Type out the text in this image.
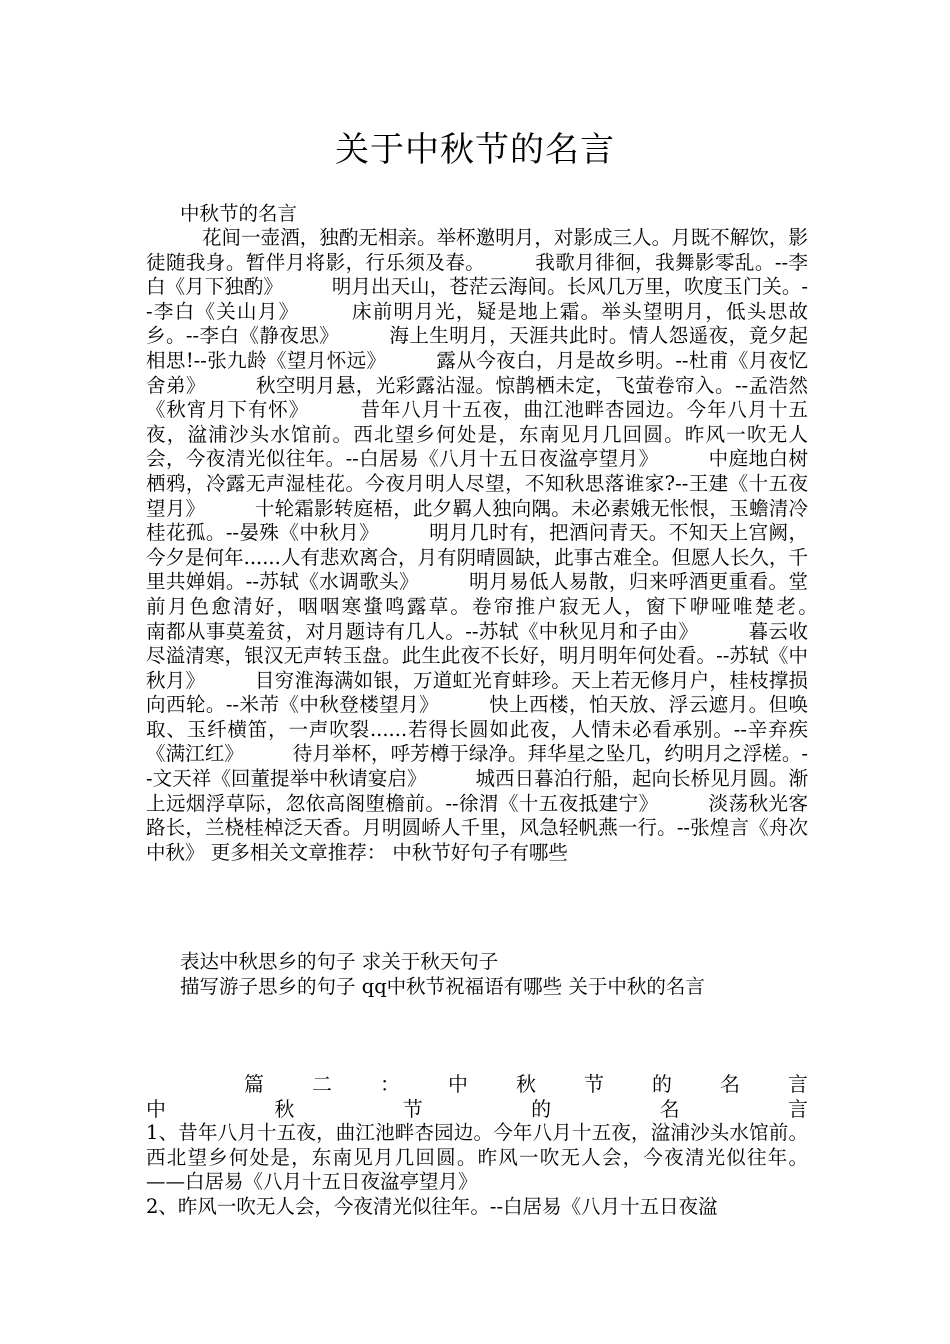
关于中秋节的名言

中秋节的名言

花间一壶酒，独酌无相亲。举杯邀明月，对影成三人。月既不解饮，影徒随我身。暂伴月将影，行乐须及春。　　　我歌月徘徊，我舞影零乱。--李白《月下独酌》　　　明月出天山，苍茫云海间。长风几万里，吹度玉门关。--李白《关山月》　　　床前明月光，疑是地上霜。举头望明月，低头思故乡。--李白《静夜思》　　　海上生明月，天涯共此时。情人怨遥夜，竟夕起相思!--张九龄《望月怀远》　　　露从今夜白，月是故乡明。--杜甫《月夜忆舍弟》　　　秋空明月悬，光彩露沾湿。惊鹊栖未定，飞萤卷帘入。--孟浩然《秋宵月下有怀》　　　昔年八月十五夜，曲江池畔杏园边。今年八月十五夜，湓浦沙头水馆前。西北望乡何处是，东南见月几回圆。昨风一吹无人会，今夜清光似往年。--白居易《八月十五日夜湓亭望月》　　　中庭地白树栖鸦，冷露无声湿桂花。今夜月明人尽望，不知秋思落谁家?--王建《十五夜望月》　　　十轮霜影转庭梧，此夕羁人独向隅。未必素娥无怅恨，玉蟾清冷桂花孤。--晏殊《中秋月》　　　明月几时有，把酒问青天。不知天上宫阙，今夕是何年......人有悲欢离合，月有阴晴圆缺，此事古难全。但愿人长久，千里共婵娟。--苏轼《水调歌头》　　　明月易低人易散，归来呼酒更重看。堂前月色愈清好，咽咽寒螀鸣露草。卷帘推户寂无人，窗下咿哑唯楚老。　　　南都从事莫羞贫，对月题诗有几人。--苏轼《中秋见月和子由》　　　暮云收尽溢清寒，银汉无声转玉盘。此生此夜不长好，明月明年何处看。--苏轼《中秋月》　　　目穷淮海满如银，万道虹光育蚌珍。天上若无修月户，桂枝撑损向西轮。--米芾《中秋登楼望月》　　　快上西楼，怕天放、浮云遮月。但唤取、玉纤横笛，一声吹裂......若得长圆如此夜，人情未必看承别。--辛弃疾《满江红》　　　待月举杯，呼芳樽于绿净。拜华星之坠几，约明月之浮槎。--文天祥《回董提举中秋请宴启》　　　城西日暮泊行船，起向长桥见月圆。渐上远烟浮草际，忽依高阁堕檐前。--徐渭《十五夜抵建宁》　　　淡荡秋光客路长，兰桡桂棹泛天香。月明圆峤人千里，风急轻帆燕一行。--张煌言《舟次中秋》 更多相关文章推荐： 中秋节好句子有哪些

表达中秋思乡的句子 求关于秋天句子
描写游子思乡的句子 qq中秋节祝福语有哪些 关于中秋的名言
篇 二 ： 中 秋 节 的 名 言
中	秋	节	的	名	言

1、昔年八月十五夜，曲江池畔杏园边。今年八月十五夜，湓浦沙头水馆前。西北望乡何处是，东南见月几回圆。昨风一吹无人会，今夜清光似往年。——白居易《八月十五日夜湓亭望月》

2、昨风一吹无人会，今夜清光似往年。--白居易《八月十五日夜湓
